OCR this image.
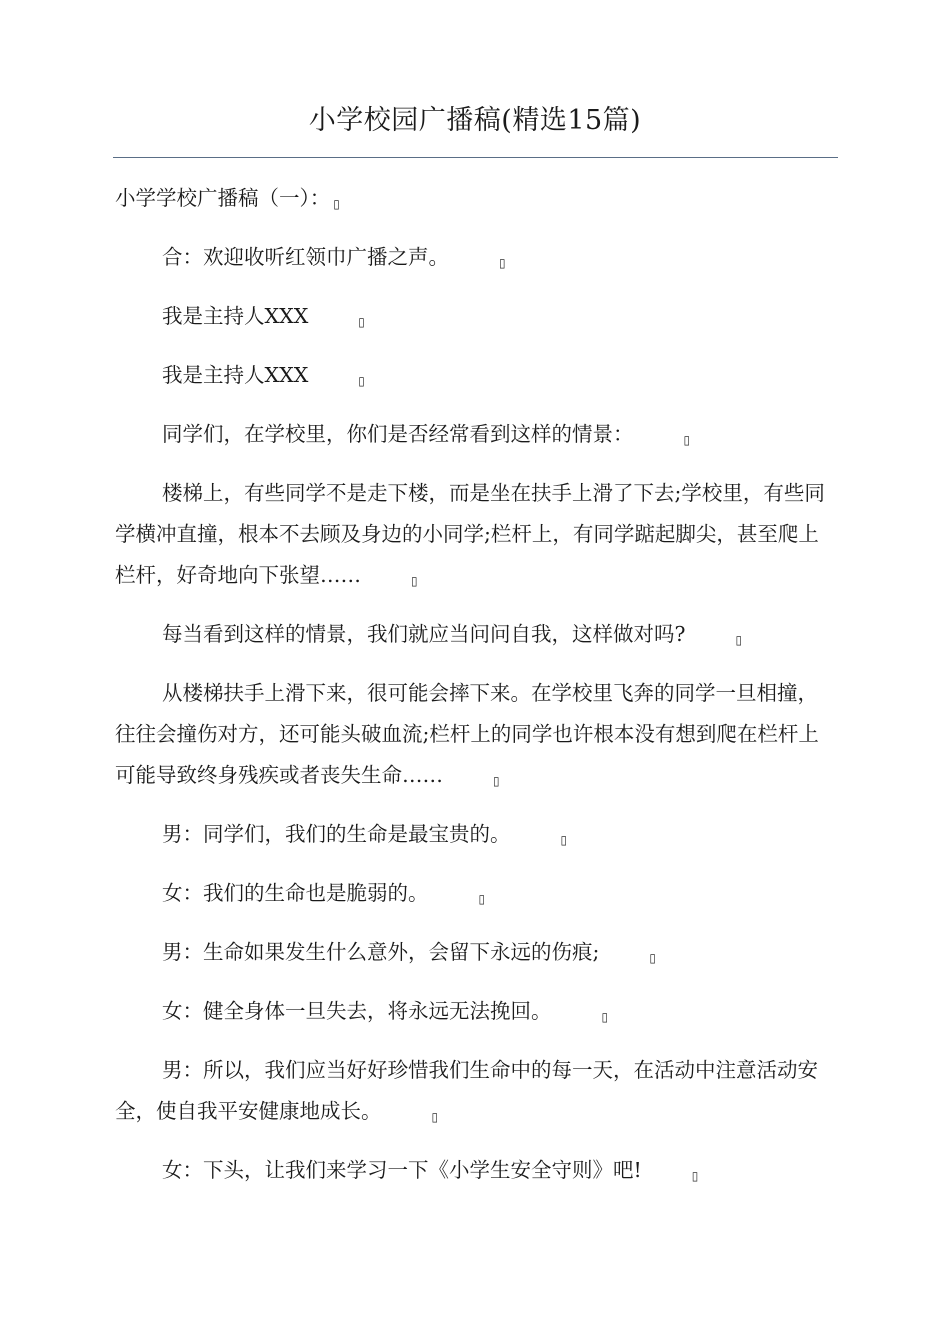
小学校园广播稿(精选15篇)

小学学校广播稿（一）： ▯

合：欢迎收听红领巾广播之声。	▯

我是主持人XXX	▯

我是主持人XXX	▯

同学们，在学校里，你们是否经常看到这样的情景：	▯

楼梯上，有些同学不是走下楼，而是坐在扶手上滑了下去;学校里，有些同学横冲直撞，根本不去顾及身边的小同学;栏杆上，有同学踮起脚尖，甚至爬上栏杆，好奇地向下张望……	▯

每当看到这样的情景，我们就应当问问自我，这样做对吗?	▯

从楼梯扶手上滑下来，很可能会摔下来。在学校里飞奔的同学一旦相撞，往往会撞伤对方，还可能头破血流;栏杆上的同学也许根本没有想到爬在栏杆上可能导致终身残疾或者丧失生命……	▯

男：同学们，我们的生命是最宝贵的。	▯

女：我们的生命也是脆弱的。	▯

男：生命如果发生什么意外，会留下永远的伤痕;	▯

女：健全身体一旦失去，将永远无法挽回。	▯

男：所以，我们应当好好珍惜我们生命中的每一天，在活动中注意活动安全，使自我平安健康地成长。	▯

女：下头，让我们来学习一下《小学生安全守则》吧!	▯
